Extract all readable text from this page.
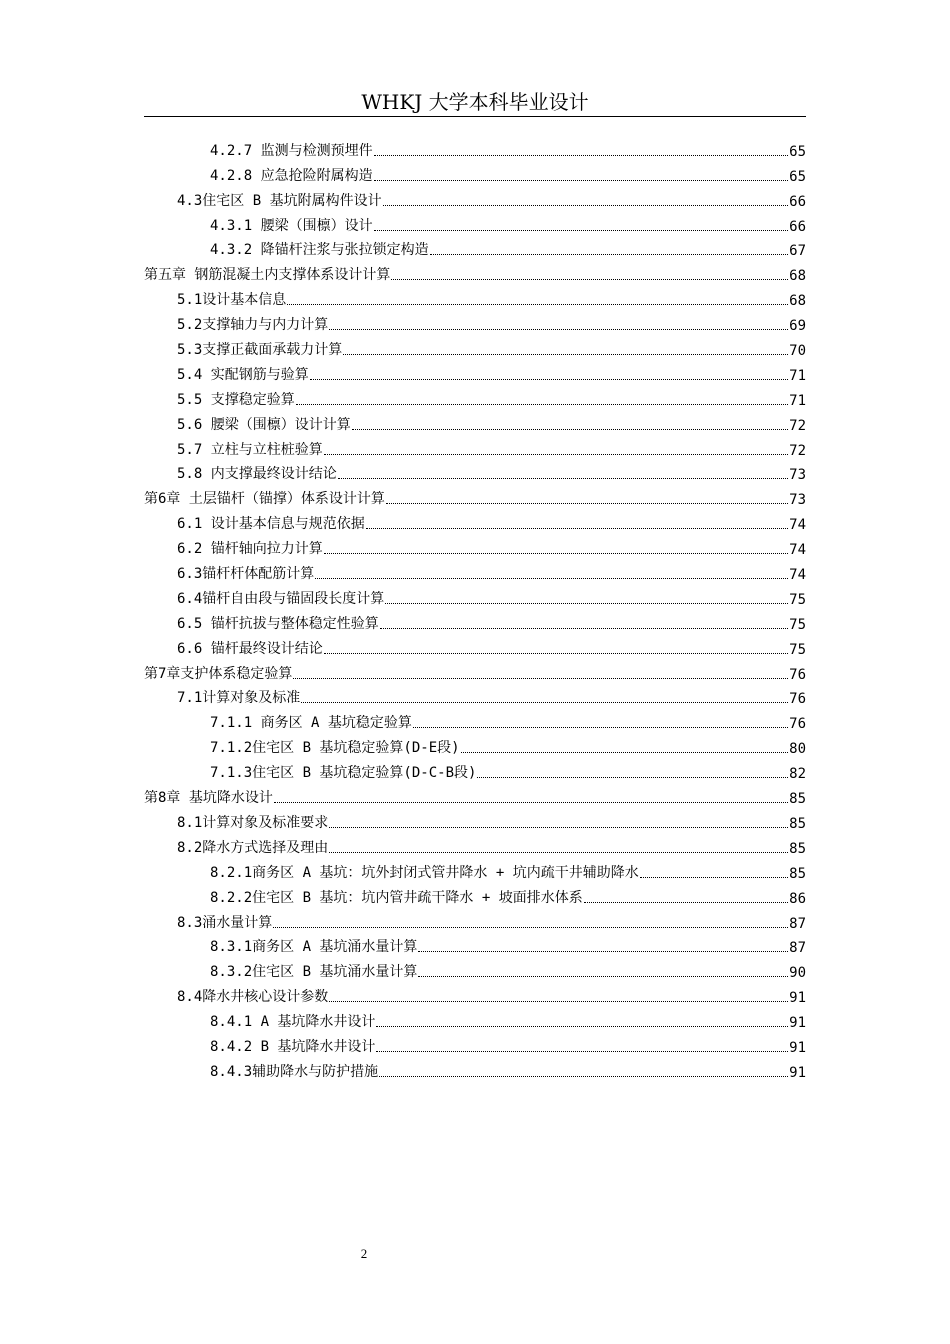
WHKJ 大学本科毕业设计
4.2.7 监测与检测预埋件	65
4.2.8 应急抢险附属构造	65
4.3住宅区 B 基坑附属构件设计	66
4.3.1 腰梁（围檩）设计	66
4.3.2 降锚杆注浆与张拉锁定构造	67
第五章 钢筋混凝土内支撑体系设计计算	68
5.1设计基本信息	68
5.2支撑轴力与内力计算	69
5.3支撑正截面承载力计算	70
5.4 实配钢筋与验算	71
5.5 支撑稳定验算	71
5.6 腰梁（围檩）设计计算	72
5.7 立柱与立柱桩验算	72
5.8 内支撑最终设计结论	73
第6章 土层锚杆（锚撑）体系设计计算	73
6.1 设计基本信息与规范依据	74
6.2 锚杆轴向拉力计算	74
6.3锚杆杆体配筋计算	74
6.4锚杆自由段与锚固段长度计算	75
6.5 锚杆抗拔与整体稳定性验算	75
6.6 锚杆最终设计结论	75
第7章支护体系稳定验算	76
7.1计算对象及标准	76
7.1.1 商务区 A 基坑稳定验算	76
7.1.2住宅区 B 基坑稳定验算(D-E段)	80
7.1.3住宅区 B 基坑稳定验算(D-C-B段)	82
第8章 基坑降水设计	85
8.1计算对象及标准要求	85
8.2降水方式选择及理由	85
8.2.1商务区 A 基坑：坑外封闭式管井降水 + 坑内疏干井辅助降水	85
8.2.2住宅区 B 基坑：坑内管井疏干降水 + 坡面排水体系	86
8.3涌水量计算	87
8.3.1商务区 A 基坑涌水量计算	87
8.3.2住宅区 B 基坑涌水量计算	90
8.4降水井核心设计参数	91
8.4.1 A 基坑降水井设计	91
8.4.2 B 基坑降水井设计	91
8.4.3辅助降水与防护措施	91
2
